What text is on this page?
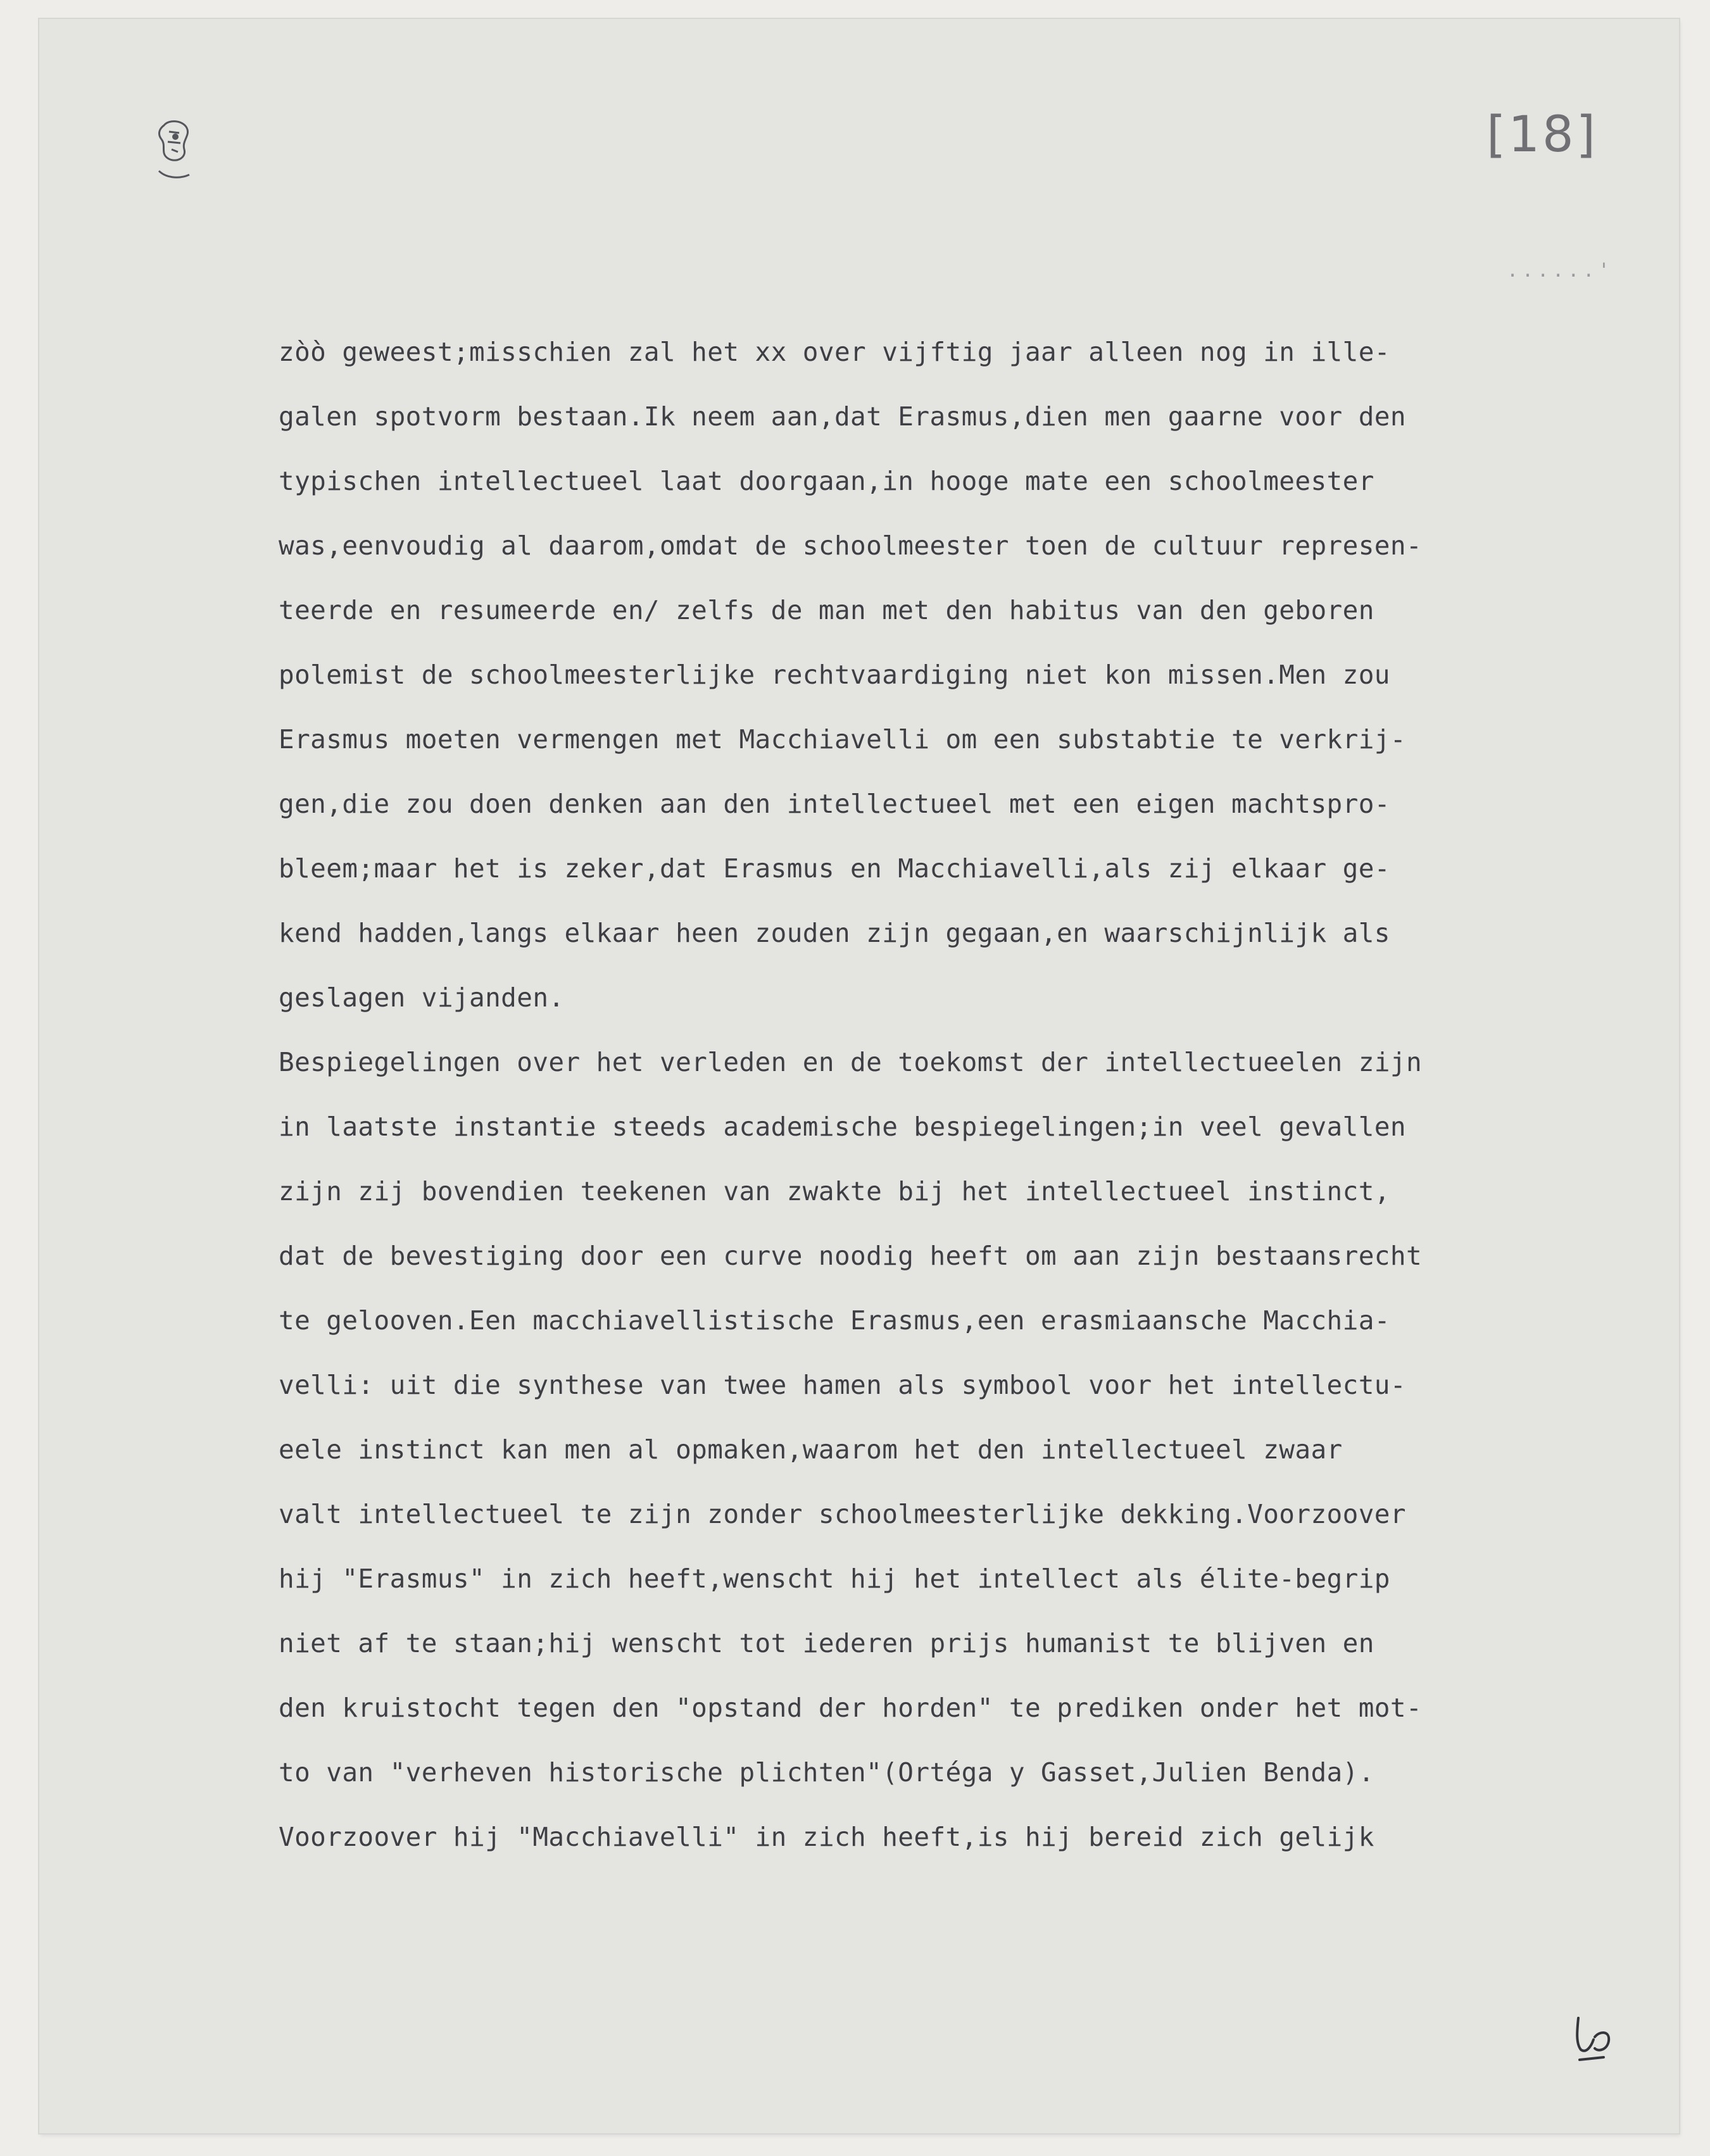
[18]
......'
zòò geweest;misschien zal het xx over vijftig jaar alleen nog in ille-
galen spotvorm bestaan.Ik neem aan,dat Erasmus,dien men gaarne voor den
typischen intellectueel laat doorgaan,in hooge mate een schoolmeester
was,eenvoudig al daarom,omdat de schoolmeester toen de cultuur represen-
teerde en resumeerde en/ zelfs de man met den habitus van den geboren
polemist de schoolmeesterlijke rechtvaardiging niet kon missen.Men zou
Erasmus moeten vermengen met Macchiavelli om een substabtie te verkrij-
gen,die zou doen denken aan den intellectueel met een eigen machtspro-
bleem;maar het is zeker,dat Erasmus en Macchiavelli,als zij elkaar ge-
kend hadden,langs elkaar heen zouden zijn gegaan,en waarschijnlijk als
geslagen vijanden.
Bespiegelingen over het verleden en de toekomst der intellectueelen zijn
in laatste instantie steeds academische bespiegelingen;in veel gevallen
zijn zij bovendien teekenen van zwakte bij het intellectueel instinct,
dat de bevestiging door een curve noodig heeft om aan zijn bestaansrecht
te gelooven.Een macchiavellistische Erasmus,een erasmiaansche Macchia-
velli: uit die synthese van twee hamen als symbool voor het intellectu-
eele instinct kan men al opmaken,waarom het den intellectueel zwaar
valt intellectueel te zijn zonder schoolmeesterlijke dekking.Voorzoover
hij "Erasmus" in zich heeft,wenscht hij het intellect als élite-begrip
niet af te staan;hij wenscht tot iederen prijs humanist te blijven en
den kruistocht tegen den "opstand der horden" te prediken onder het mot-
to van "verheven historische plichten"(Ortéga y Gasset,Julien Benda).
Voorzoover hij "Macchiavelli" in zich heeft,is hij bereid zich gelijk
